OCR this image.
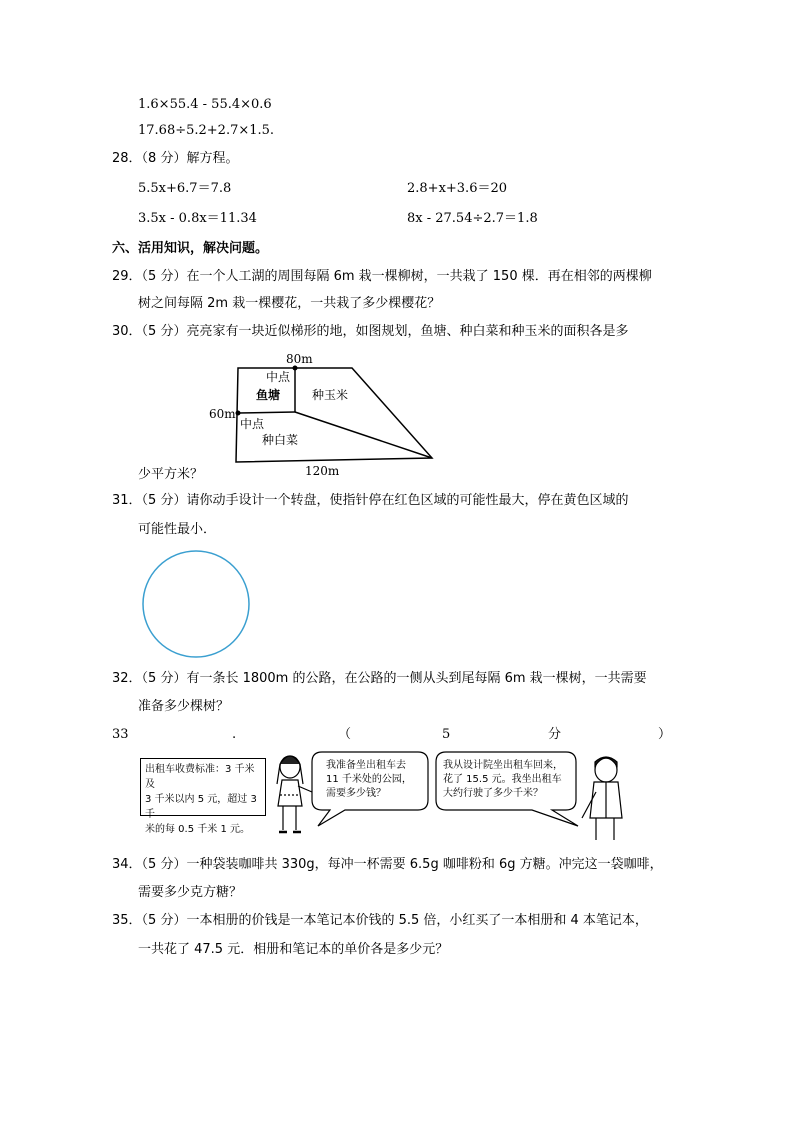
1.6×55.4 - 55.4×0.6
17.68÷5.2+2.7×1.5.
28．（8 分）解方程。
5.5x+6.7＝7.8	2.8+x+3.6＝20
3.5x - 0.8x＝11.34	8x - 27.54÷2.7＝1.8
六、活用知识，解决问题。
29．（5 分）在一个人工湖的周围每隔 6m 栽一棵柳树，一共栽了 150 棵．再在相邻的两棵柳
树之间每隔 2m 栽一棵樱花，一共栽了多少棵樱花？
30．（5 分）亮亮家有一块近似梯形的地，如图规划，鱼塘、种白菜和种玉米的面积各是多
80m
中点
鱼塘	种玉米
60m
中点
种白菜
120m
少平方米？
31．（5 分）请你动手设计一个转盘，使指针停在红色区域的可能性最大，停在黄色区域的
可能性最小．
32．（5 分）有一条长 1800m 的公路，在公路的一侧从头到尾每隔 6m 栽一棵树，一共需要
准备多少棵树？
33	.	（	5	分	）
出租车收费标准：3 千米及
3 千米以内 5 元，超过 3 千
米的每 0.5 千米 1 元。
我准备坐出租车去
11 千米处的公园，
需要多少钱？
我从设计院坐出租车回来，
花了 15.5 元。我坐出租车
大约行驶了多少千米？
34．（5 分）一种袋装咖啡共 330g，每冲一杯需要 6.5g 咖啡粉和 6g 方糖。冲完这一袋咖啡，
需要多少克方糖？
35．（5 分）一本相册的价钱是一本笔记本价钱的 5.5 倍，小红买了一本相册和 4 本笔记本，
一共花了 47.5 元．相册和笔记本的单价各是多少元？
